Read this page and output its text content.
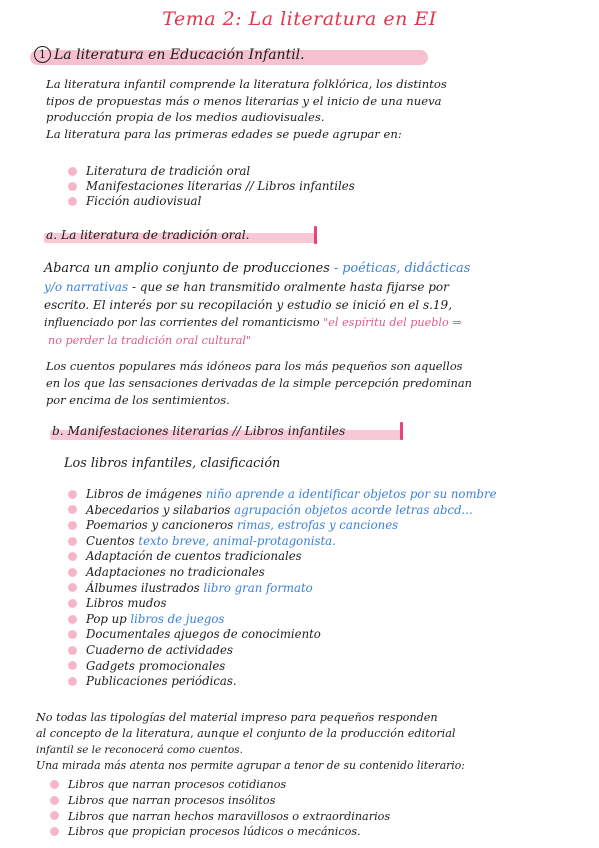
Tema 2: La literatura en EI
1 La literatura en Educación Infantil.
La literatura infantil comprende la literatura folklórica, los distintos
tipos de propuestas más o menos literarias y el inicio de una nueva
producción propia de los medios audiovisuales.
La literatura para las primeras edades se puede agrupar en:
Literatura de tradición oral
Manifestaciones literarias // Libros infantiles
Ficción audiovisual
a. La literatura de tradición oral.
Abarca un amplio conjunto de producciones - poéticas, didácticas
y/o narrativas - que se han transmitido oralmente hasta fijarse por
escrito. El interés por su recopilación y estudio se inició en el s.19,
influenciado por las corrientes del romanticismo "el espíritu del pueblo ⇒
no perder la tradición oral cultural"
Los cuentos populares más idóneos para los más pequeños son aquellos
en los que las sensaciones derivadas de la simple percepción predominan
por encima de los sentimientos.
b. Manifestaciones literarias // Libros infantiles
Los libros infantiles, clasificación
Libros de imágenes niño aprende a identificar objetos por su nombre
Abecedarios y silabarios agrupación objetos acorde letras abcd...
Poemarios y cancioneros rimas, estrofas y canciones
Cuentos texto breve, animal-protagonista.
Adaptación de cuentos tradicionales
Adaptaciones no tradicionales
Álbumes ilustrados libro gran formato
Libros mudos
Pop up libros de juegos
Documentales ajuegos de conocimiento
Cuaderno de actividades
Gadgets promocionales
Publicaciones periódicas.
No todas las tipologías del material impreso para pequeños responden
al concepto de la literatura, aunque el conjunto de la producción editorial
infantil se le reconocerá como cuentos.
Una mirada más atenta nos permite agrupar a tenor de su contenido literario:
Libros que narran procesos cotidianos
Libros que narran procesos insólitos
Libros que narran hechos maravillosos o extraordinarios
Libros que propician procesos lúdicos o mecánicos.
